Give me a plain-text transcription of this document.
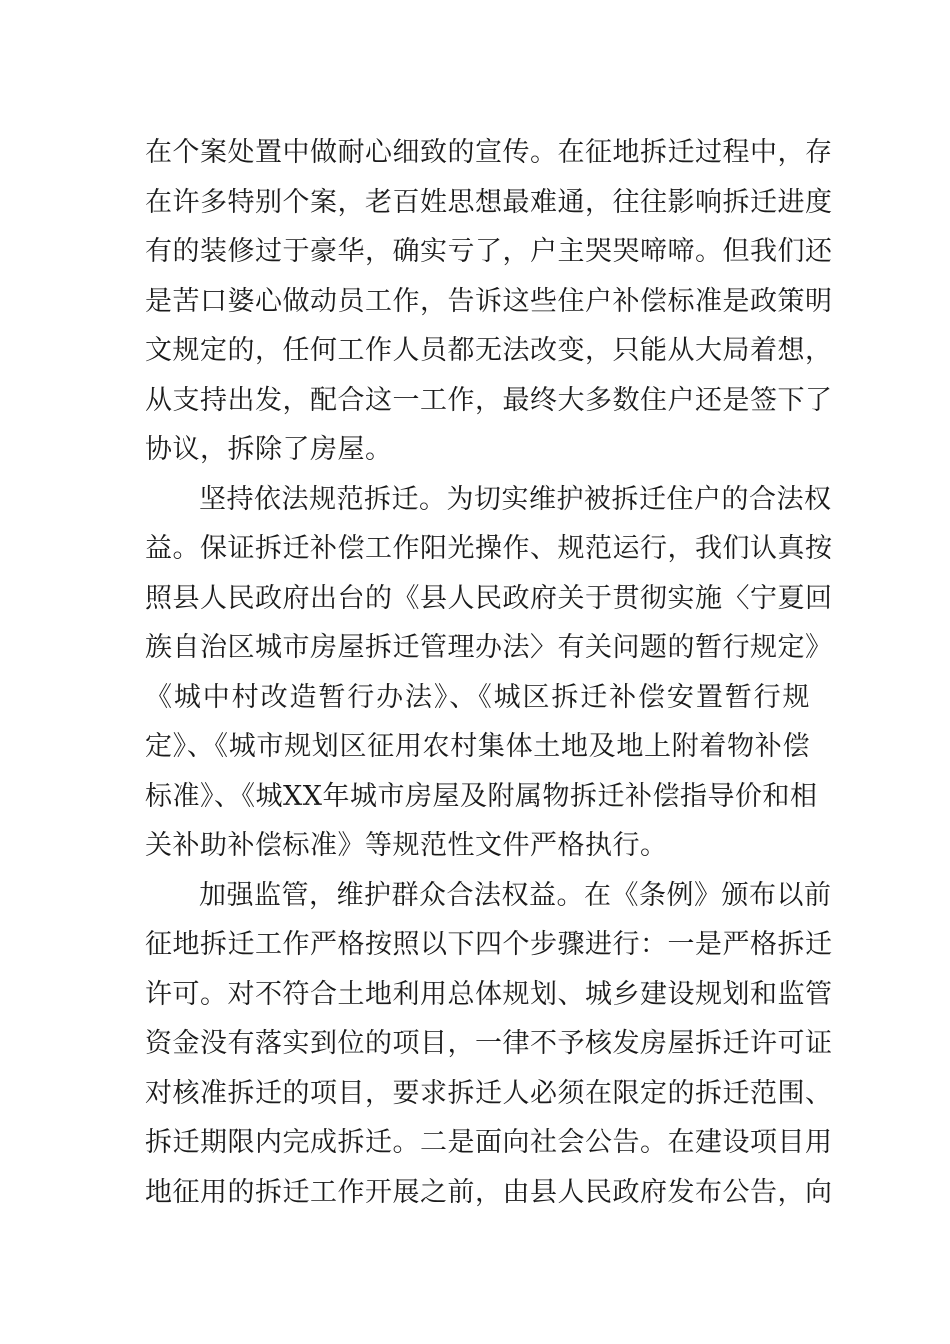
在个案处置中做耐心细致的宣传。在征地拆迁过程中，存
在许多特别个案，老百姓思想最难通，往往影响拆迁进度
有的装修过于豪华，确实亏了，户主哭哭啼啼。但我们还
是苦口婆心做动员工作，告诉这些住户补偿标准是政策明
文规定的，任何工作人员都无法改变，只能从大局着想，
从支持出发，配合这一工作，最终大多数住户还是签下了
协议，拆除了房屋。
坚持依法规范拆迁。为切实维护被拆迁住户的合法权
益。保证拆迁补偿工作阳光操作、规范运行，我们认真按
照县人民政府出台的《县人民政府关于贯彻实施〈宁夏回
族自治区城市房屋拆迁管理办法〉有关问题的暂行规定》
《城中村改造暂行办法》、《城区拆迁补偿安置暂行规
定》、《城市规划区征用农村集体土地及地上附着物补偿
标准》、《城XX年城市房屋及附属物拆迁补偿指导价和相
关补助补偿标准》等规范性文件严格执行。
加强监管，维护群众合法权益。在《条例》颁布以前
征地拆迁工作严格按照以下四个步骤进行：一是严格拆迁
许可。对不符合土地利用总体规划、城乡建设规划和监管
资金没有落实到位的项目，一律不予核发房屋拆迁许可证
对核准拆迁的项目，要求拆迁人必须在限定的拆迁范围、
拆迁期限内完成拆迁。二是面向社会公告。在建设项目用
地征用的拆迁工作开展之前，由县人民政府发布公告，向
